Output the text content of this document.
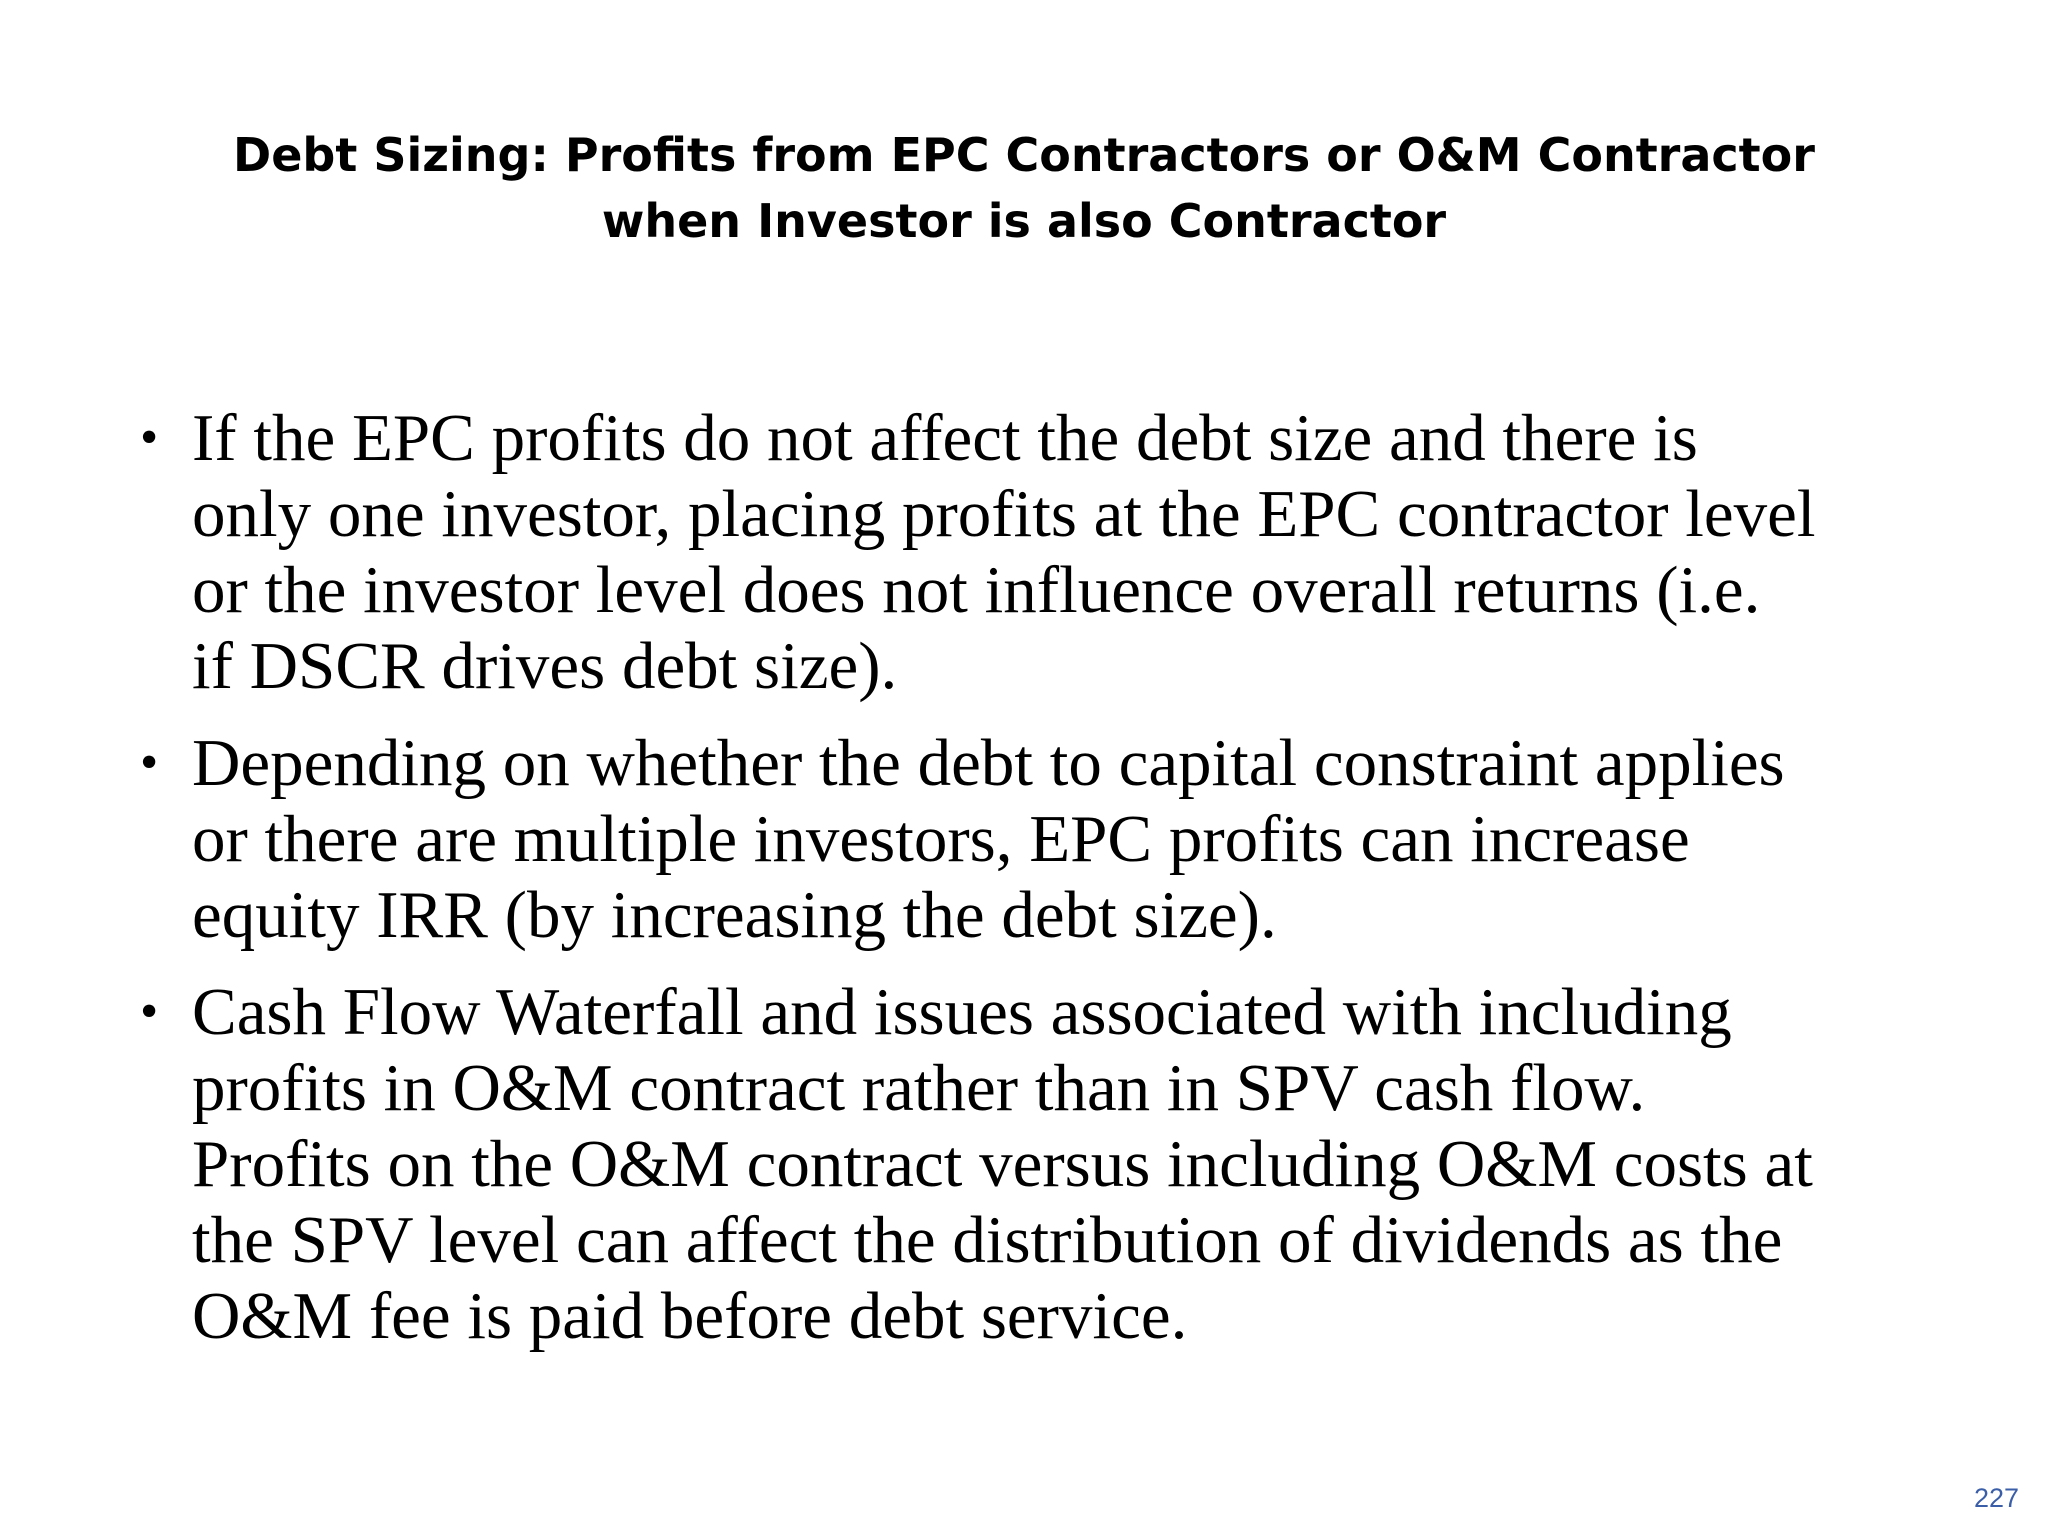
Debt Sizing: Profits from EPC Contractors or O&M Contractor
when Investor is also Contractor
• If the EPC profits do not affect the debt size and there is
only one investor, placing profits at the EPC contractor level
or the investor level does not influence overall returns (i.e.
if DSCR drives debt size).
• Depending on whether the debt to capital constraint applies
or there are multiple investors, EPC profits can increase
equity IRR (by increasing the debt size).
• Cash Flow Waterfall and issues associated with including
profits in O&M contract rather than in SPV cash flow.
Profits on the O&M contract versus including O&M costs at
the SPV level can affect the distribution of dividends as the
O&M fee is paid before debt service.
227
